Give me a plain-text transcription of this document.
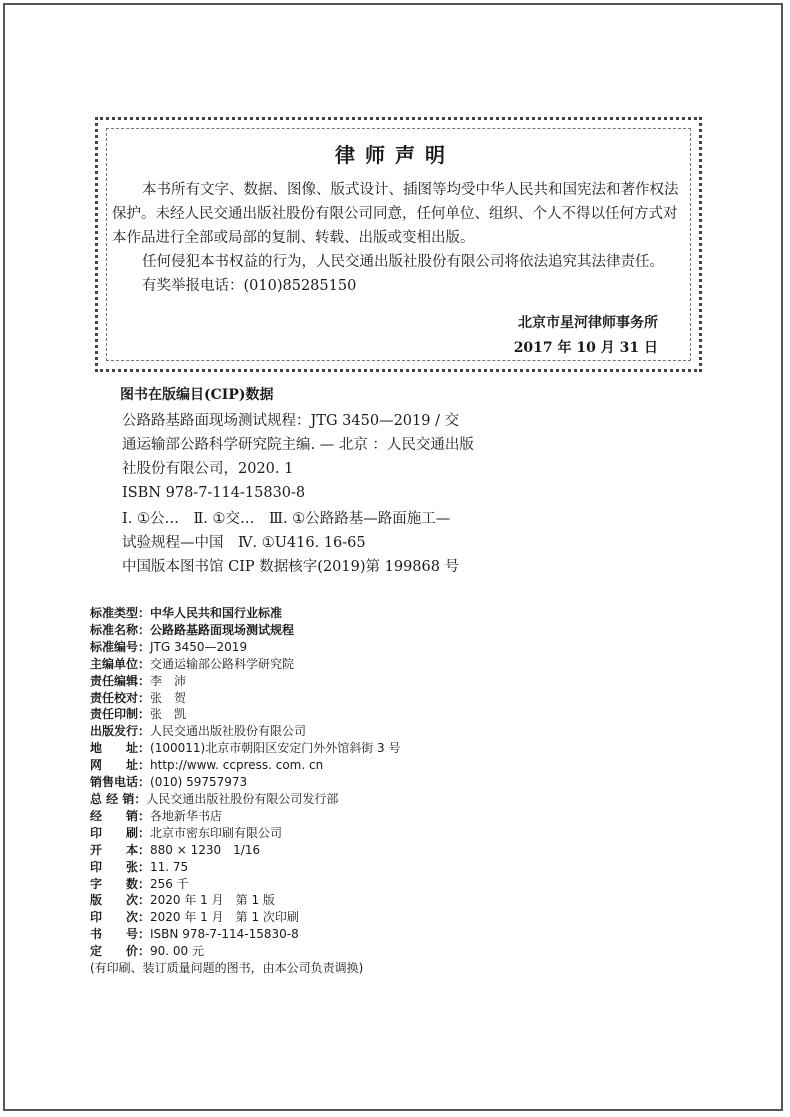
律师声明
本书所有文字、数据、图像、版式设计、插图等均受中华人民共和国宪法和著作权法保护。未经人民交通出版社股份有限公司同意，任何单位、组织、个人不得以任何方式对本作品进行全部或局部的复制、转载、出版或变相出版。
任何侵犯本书权益的行为，人民交通出版社股份有限公司将依法追究其法律责任。
有奖举报电话：(010)85285150
北京市星河律师事务所
2017 年 10 月 31 日
图书在版编目(CIP)数据
公路路基路面现场测试规程：JTG 3450—2019 / 交
通运输部公路科学研究院主编. — 北京 ：人民交通出版
社股份有限公司，2020. 1
ISBN 978-7-114-15830-8
Ⅰ. ①公…　Ⅱ. ①交…　Ⅲ. ①公路路基—路面施工—
试验规程—中国　Ⅳ. ①U416. 16-65
中国版本图书馆 CIP 数据核字(2019)第 199868 号
标准类型： 中华人民共和国行业标准
标准名称： 公路路基路面现场测试规程
标准编号： JTG 3450—2019
主编单位： 交通运输部公路科学研究院
责任编辑： 李　沛
责任校对： 张　贺
责任印制： 张　凯
出版发行： 人民交通出版社股份有限公司
地　　址： (100011)北京市朝阳区安定门外外馆斜街 3 号
网　　址： http://www. ccpress. com. cn
销售电话： (010) 59757973
总 经 销： 人民交通出版社股份有限公司发行部
经　　销： 各地新华书店
印　　刷： 北京市密东印刷有限公司
开　　本： 880 × 1230　1/16
印　　张： 11. 75
字　　数： 256 千
版　　次： 2020 年 1 月　第 1 版
印　　次： 2020 年 1 月　第 1 次印刷
书　　号： ISBN 978-7-114-15830-8
定　　价： 90. 00 元
(有印刷、装订质量问题的图书，由本公司负责调换)
